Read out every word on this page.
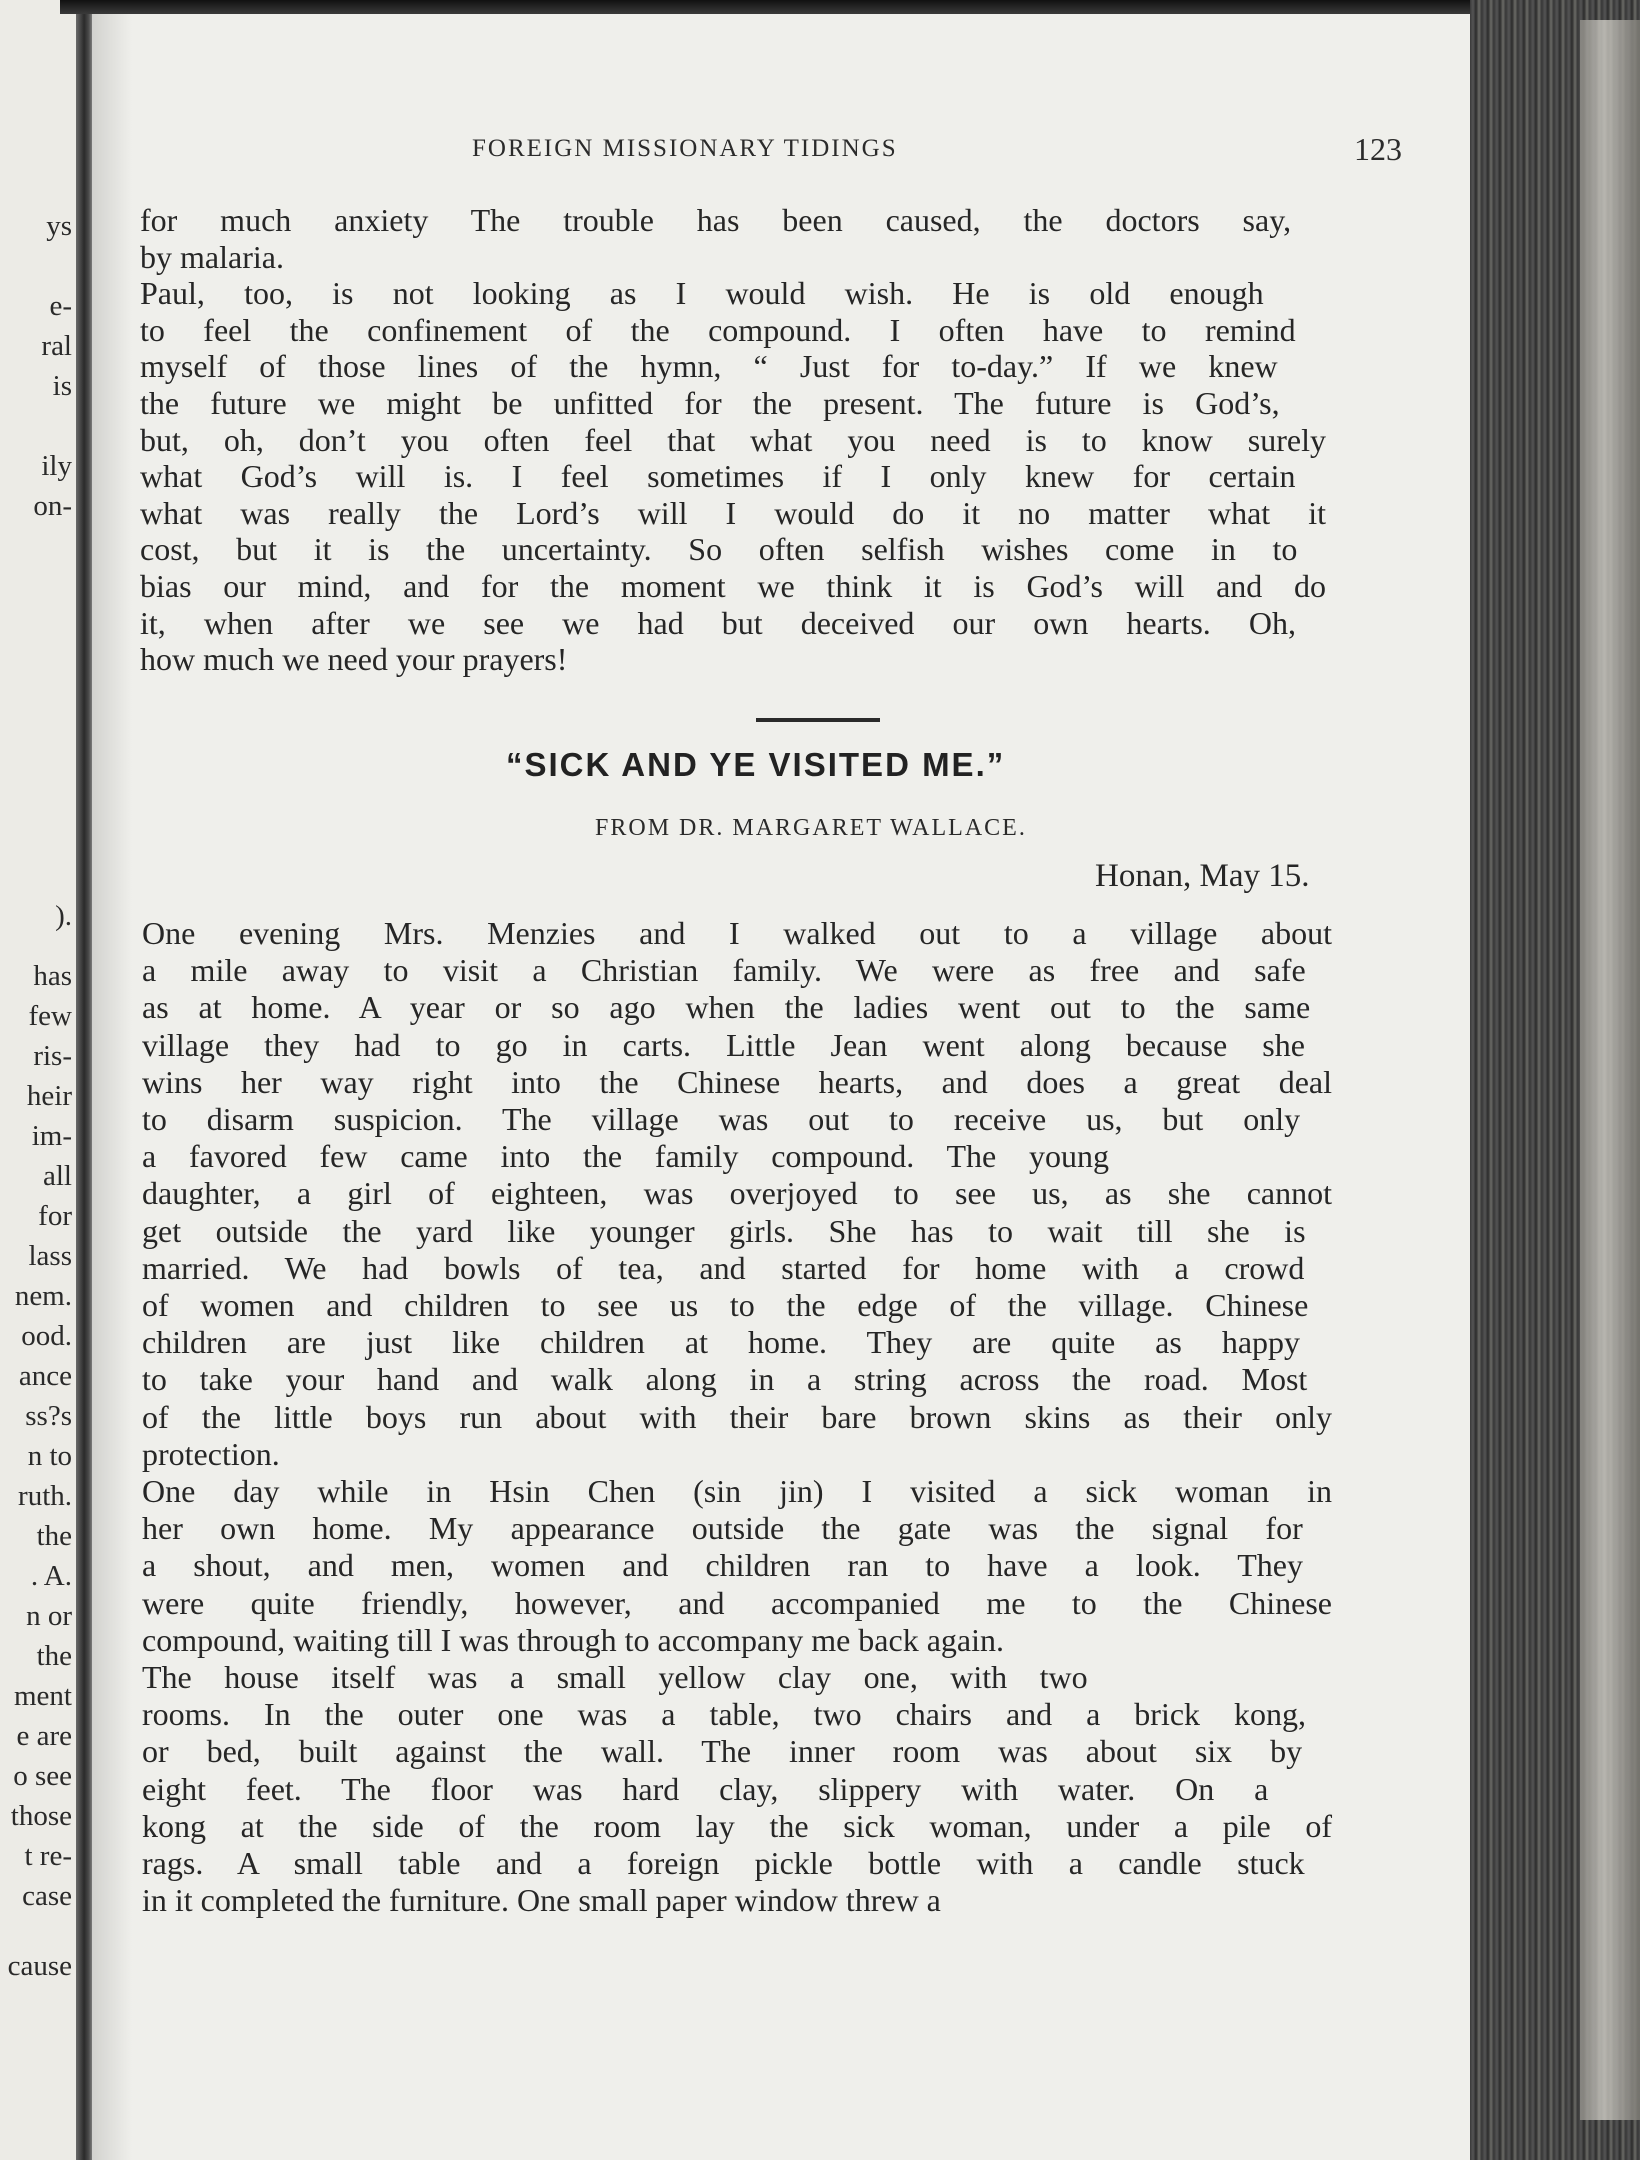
ys
e-
ral
is
ily
on-
).
has
few
ris-
heir
im-
all
for
lass
nem.
ood.
ance
ss?s
n to
ruth.
the
. A.
n or
the
ment
e are
o see
those
t re-
case
cause
FOREIGN MISSIONARY TIDINGS	123
for much anxiety The trouble has been caused, the doctors say,
by malaria.
Paul, too, is not looking as I would wish. He is old enough
to feel the confinement of the compound. I often have to remind
myself of those lines of the hymn, “ Just for to-day.” If we knew
the future we might be unfitted for the present. The future is God’s,
but, oh, don’t you often feel that what you need is to know surely
what God’s will is. I feel sometimes if I only knew for certain
what was really the Lord’s will I would do it no matter what it
cost, but it is the uncertainty. So often selfish wishes come in to
bias our mind, and for the moment we think it is God’s will and do
it, when after we see we had but deceived our own hearts. Oh,
how much we need your prayers!
“SICK AND YE VISITED ME.”
FROM DR. MARGARET WALLACE.
Honan, May 15.
One evening Mrs. Menzies and I walked out to a village about
a mile away to visit a Christian family. We were as free and safe
as at home. A year or so ago when the ladies went out to the same
village they had to go in carts. Little Jean went along because she
wins her way right into the Chinese hearts, and does a great deal
to disarm suspicion. The village was out to receive us, but only
a favored few came into the family compound. The young
daughter, a girl of eighteen, was overjoyed to see us, as she cannot
get outside the yard like younger girls. She has to wait till she is
married. We had bowls of tea, and started for home with a crowd
of women and children to see us to the edge of the village. Chinese
children are just like children at home. They are quite as happy
to take your hand and walk along in a string across the road. Most
of the little boys run about with their bare brown skins as their only
protection.
One day while in Hsin Chen (sin jin) I visited a sick woman in
her own home. My appearance outside the gate was the signal for
a shout, and men, women and children ran to have a look. They
were quite friendly, however, and accompanied me to the Chinese
compound, waiting till I was through to accompany me back again.
The house itself was a small yellow clay one, with two
rooms. In the outer one was a table, two chairs and a brick kong,
or bed, built against the wall. The inner room was about six by
eight feet. The floor was hard clay, slippery with water. On a
kong at the side of the room lay the sick woman, under a pile of
rags. A small table and a foreign pickle bottle with a candle stuck
in it completed the furniture. One small paper window threw a
